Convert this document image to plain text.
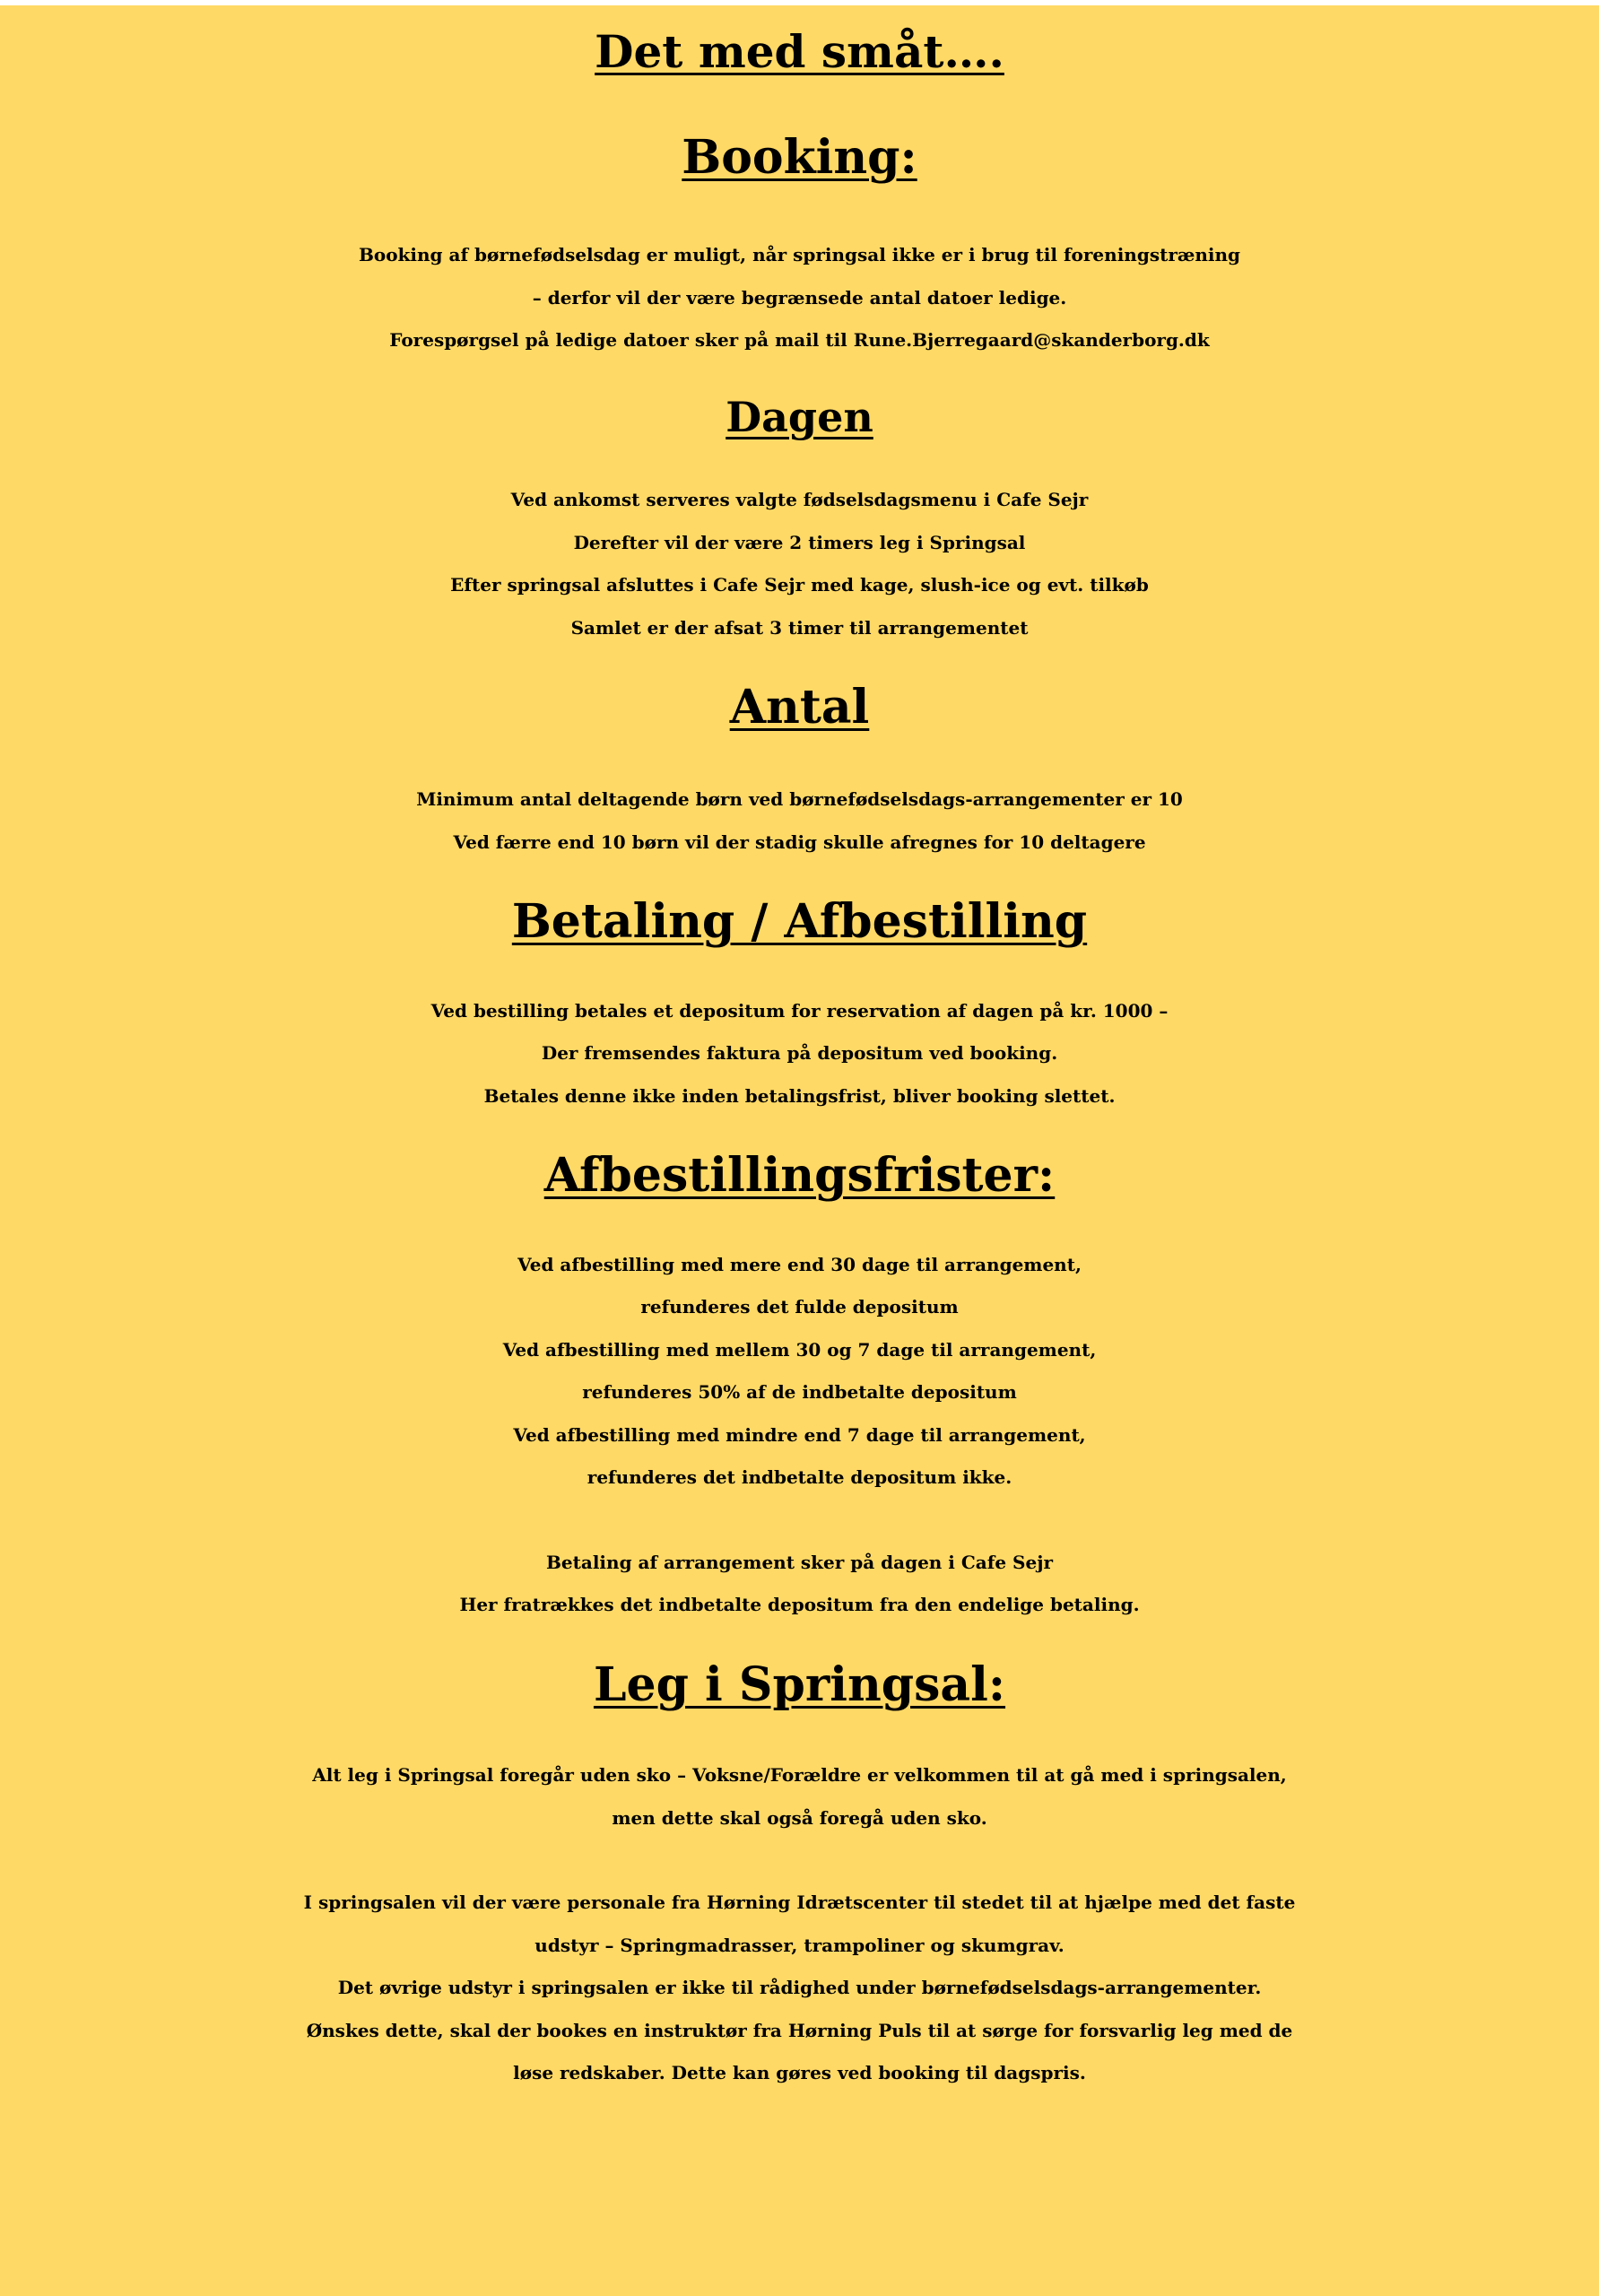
Det med småt….
Booking:
Booking af børnefødselsdag er muligt, når springsal ikke er i brug til foreningstræning
– derfor vil der være begrænsede antal datoer ledige.
Forespørgsel på ledige datoer sker på mail til Rune.Bjerregaard@skanderborg.dk
Dagen
Ved ankomst serveres valgte fødselsdagsmenu i Cafe Sejr
Derefter vil der være 2 timers leg i Springsal
Efter springsal afsluttes i Cafe Sejr med kage, slush-ice og evt. tilkøb
Samlet er der afsat 3 timer til arrangementet
Antal
Minimum antal deltagende børn ved børnefødselsdags-arrangementer er 10
Ved færre end 10 børn vil der stadig skulle afregnes for 10 deltagere
Betaling / Afbestilling
Ved bestilling betales et depositum for reservation af dagen på kr. 1000 –
Der fremsendes faktura på depositum ved booking.
Betales denne ikke inden betalingsfrist, bliver booking slettet.
Afbestillingsfrister:
Ved afbestilling med mere end 30 dage til arrangement,
refunderes det fulde depositum
Ved afbestilling med mellem 30 og 7 dage til arrangement,
refunderes 50% af de indbetalte depositum
Ved afbestilling med mindre end 7 dage til arrangement,
refunderes det indbetalte depositum ikke.
Betaling af arrangement sker på dagen i Cafe Sejr
Her fratrækkes det indbetalte depositum fra den endelige betaling.
Leg i Springsal:
Alt leg i Springsal foregår uden sko – Voksne/Forældre er velkommen til at gå med i springsalen,
men dette skal også foregå uden sko.
I springsalen vil der være personale fra Hørning Idrætscenter til stedet til at hjælpe med det faste
udstyr – Springmadrasser, trampoliner og skumgrav.
Det øvrige udstyr i springsalen er ikke til rådighed under børnefødselsdags-arrangementer.
Ønskes dette, skal der bookes en instruktør fra Hørning Puls til at sørge for forsvarlig leg med de
løse redskaber. Dette kan gøres ved booking til dagspris.
